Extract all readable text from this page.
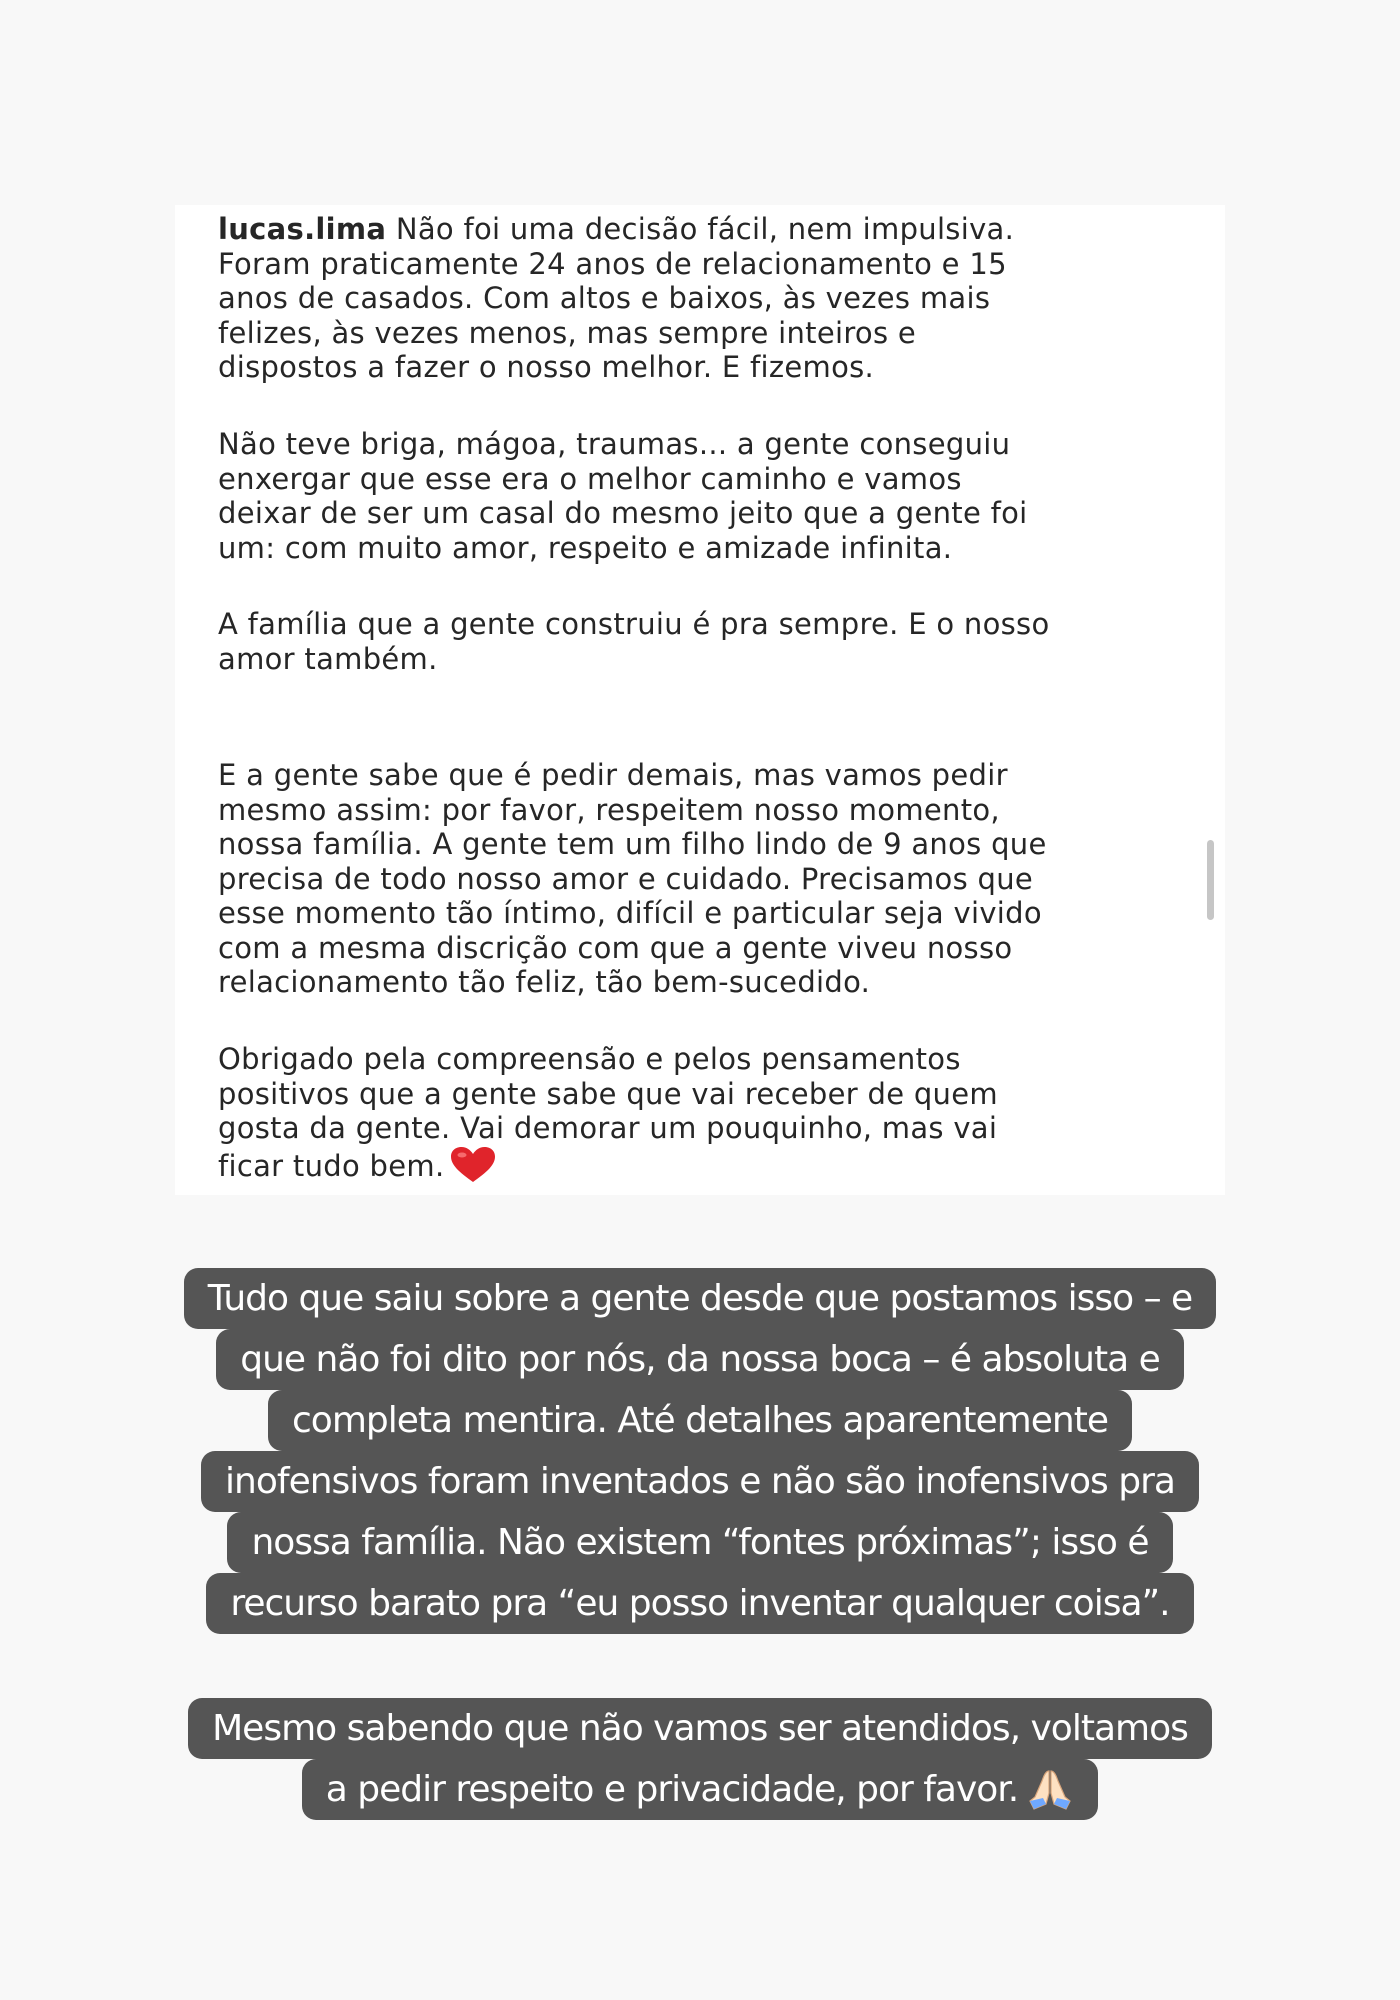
lucas.lima Não foi uma decisão fácil, nem impulsiva.
Foram praticamente 24 anos de relacionamento e 15
anos de casados. Com altos e baixos, às vezes mais
felizes, às vezes menos, mas sempre inteiros e
dispostos a fazer o nosso melhor. E fizemos.

Não teve briga, mágoa, traumas... a gente conseguiu
enxergar que esse era o melhor caminho e vamos
deixar de ser um casal do mesmo jeito que a gente foi
um: com muito amor, respeito e amizade infinita.

A família que a gente construiu é pra sempre. E o nosso
amor também.

E a gente sabe que é pedir demais, mas vamos pedir
mesmo assim: por favor, respeitem nosso momento,
nossa família. A gente tem um filho lindo de 9 anos que
precisa de todo nosso amor e cuidado. Precisamos que
esse momento tão íntimo, difícil e particular seja vivido
com a mesma discrição com que a gente viveu nosso
relacionamento tão feliz, tão bem-sucedido.

Obrigado pela compreensão e pelos pensamentos
positivos que a gente sabe que vai receber de quem
gosta da gente. Vai demorar um pouquinho, mas vai
ficar tudo bem.

Tudo que saiu sobre a gente desde que postamos isso – e
que não foi dito por nós, da nossa boca – é absoluta e
completa mentira. Até detalhes aparentemente
inofensivos foram inventados e não são inofensivos pra
nossa família. Não existem “fontes próximas”; isso é
recurso barato pra “eu posso inventar qualquer coisa”.
Mesmo sabendo que não vamos ser atendidos, voltamos
a pedir respeito e privacidade, por favor.
